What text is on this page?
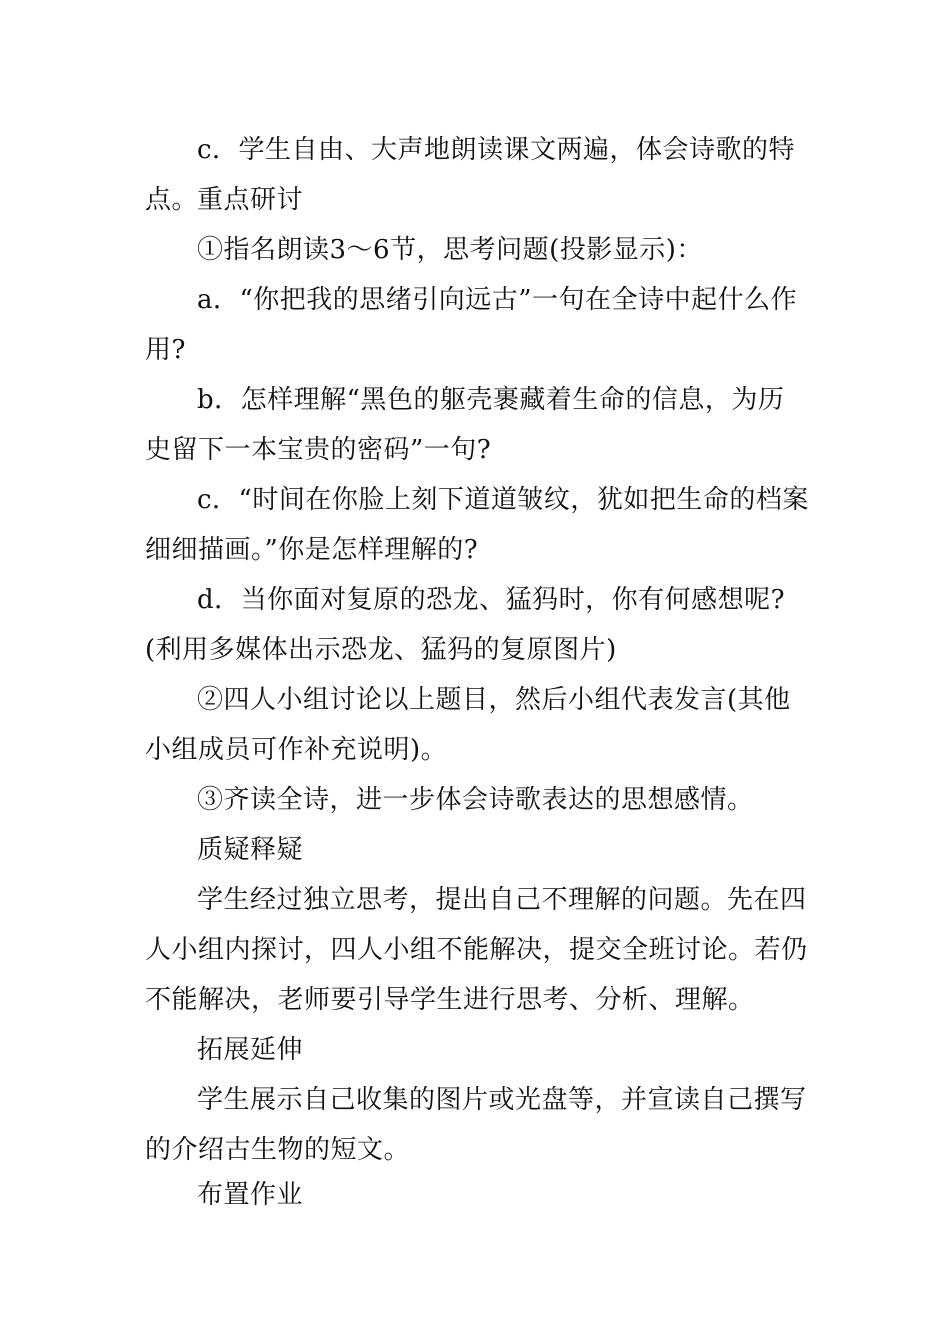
c．学生自由、大声地朗读课文两遍，体会诗歌的特点。

重点研讨

①指名朗读3～6节，思考问题(投影显示)：

a．“你把我的思绪引向远古”一句在全诗中起什么作用?

b．怎样理解“黑色的躯壳裹藏着生命的信息，为历史留下一本宝贵的密码”一句?

c．“时间在你脸上刻下道道皱纹，犹如把生命的档案细细描画。”你是怎样理解的?

d．当你面对复原的恐龙、猛犸时，你有何感想呢?(利用多媒体出示恐龙、猛犸的复原图片)

②四人小组讨论以上题目，然后小组代表发言(其他小组成员可作补充说明)。

③齐读全诗，进一步体会诗歌表达的思想感情。

质疑释疑

学生经过独立思考，提出自己不理解的问题。先在四人小组内探讨，四人小组不能解决，提交全班讨论。若仍不能解决，老师要引导学生进行思考、分析、理解。

拓展延伸

学生展示自己收集的图片或光盘等，并宣读自己撰写的介绍古生物的短文。

布置作业
